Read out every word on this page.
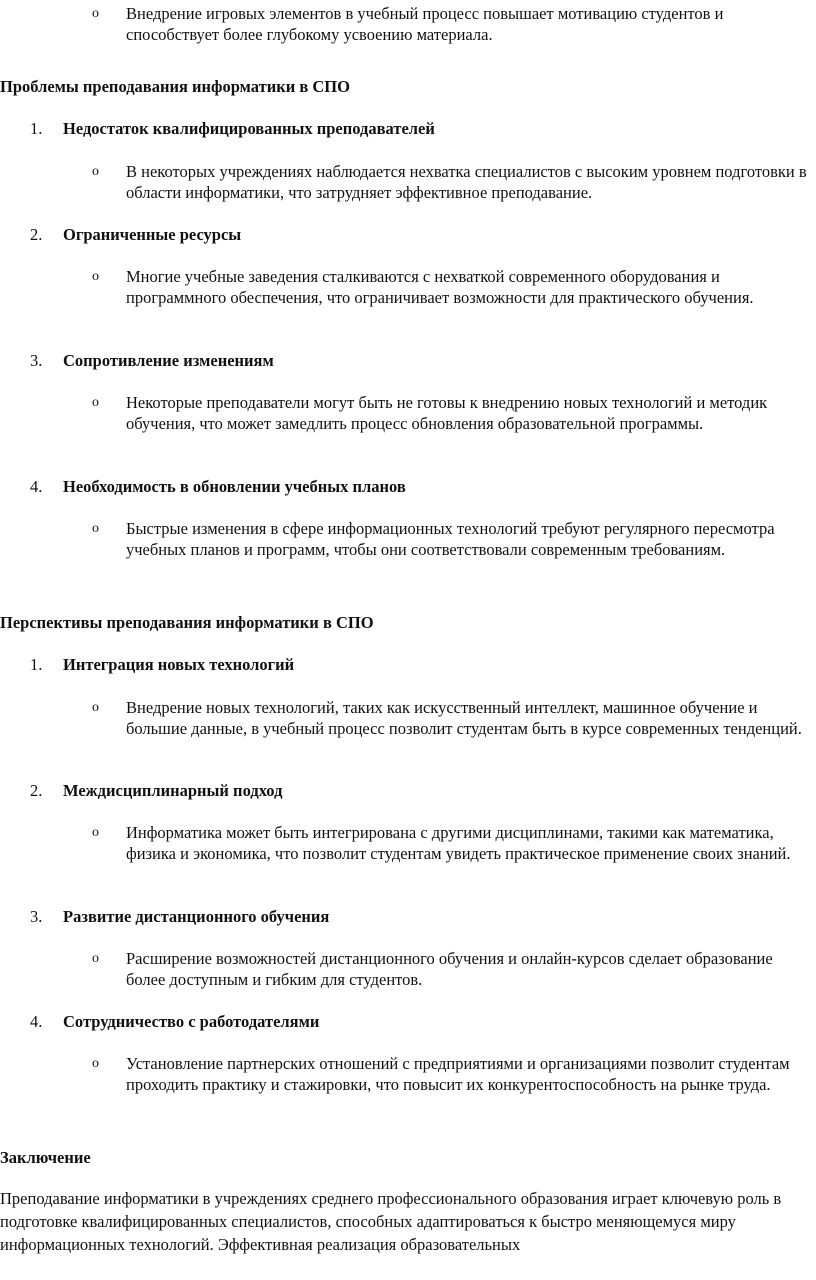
o Внедрение игровых элементов в учебный процесс повышает мотивацию студентов и способствует более глубокому усвоению материала.
Проблемы преподавания информатики в СПО
1. Недостаток квалифицированных преподавателей
o В некоторых учреждениях наблюдается нехватка специалистов с высоким уровнем подготовки в области информатики, что затрудняет эффективное преподавание.
2. Ограниченные ресурсы
o Многие учебные заведения сталкиваются с нехваткой современного оборудования и программного обеспечения, что ограничивает возможности для практического обучения.
3. Сопротивление изменениям
o Некоторые преподаватели могут быть не готовы к внедрению новых технологий и методик обучения, что может замедлить процесс обновления образовательной программы.
4. Необходимость в обновлении учебных планов
o Быстрые изменения в сфере информационных технологий требуют регулярного пересмотра учебных планов и программ, чтобы они соответствовали современным требованиям.
Перспективы преподавания информатики в СПО
1. Интеграция новых технологий
o Внедрение новых технологий, таких как искусственный интеллект, машинное обучение и большие данные, в учебный процесс позволит студентам быть в курсе современных тенденций.
2. Междисциплинарный подход
o Информатика может быть интегрирована с другими дисциплинами, такими как математика, физика и экономика, что позволит студентам увидеть практическое применение своих знаний.
3. Развитие дистанционного обучения
o Расширение возможностей дистанционного обучения и онлайн-курсов сделает образование более доступным и гибким для студентов.
4. Сотрудничество с работодателями
o Установление партнерских отношений с предприятиями и организациями позволит студентам проходить практику и стажировки, что повысит их конкурентоспособность на рынке труда.
Заключение
Преподавание информатики в учреждениях среднего профессионального образования играет ключевую роль в подготовке квалифицированных специалистов, способных адаптироваться к быстро меняющемуся миру информационных технологий. Эффективная реализация образовательных
